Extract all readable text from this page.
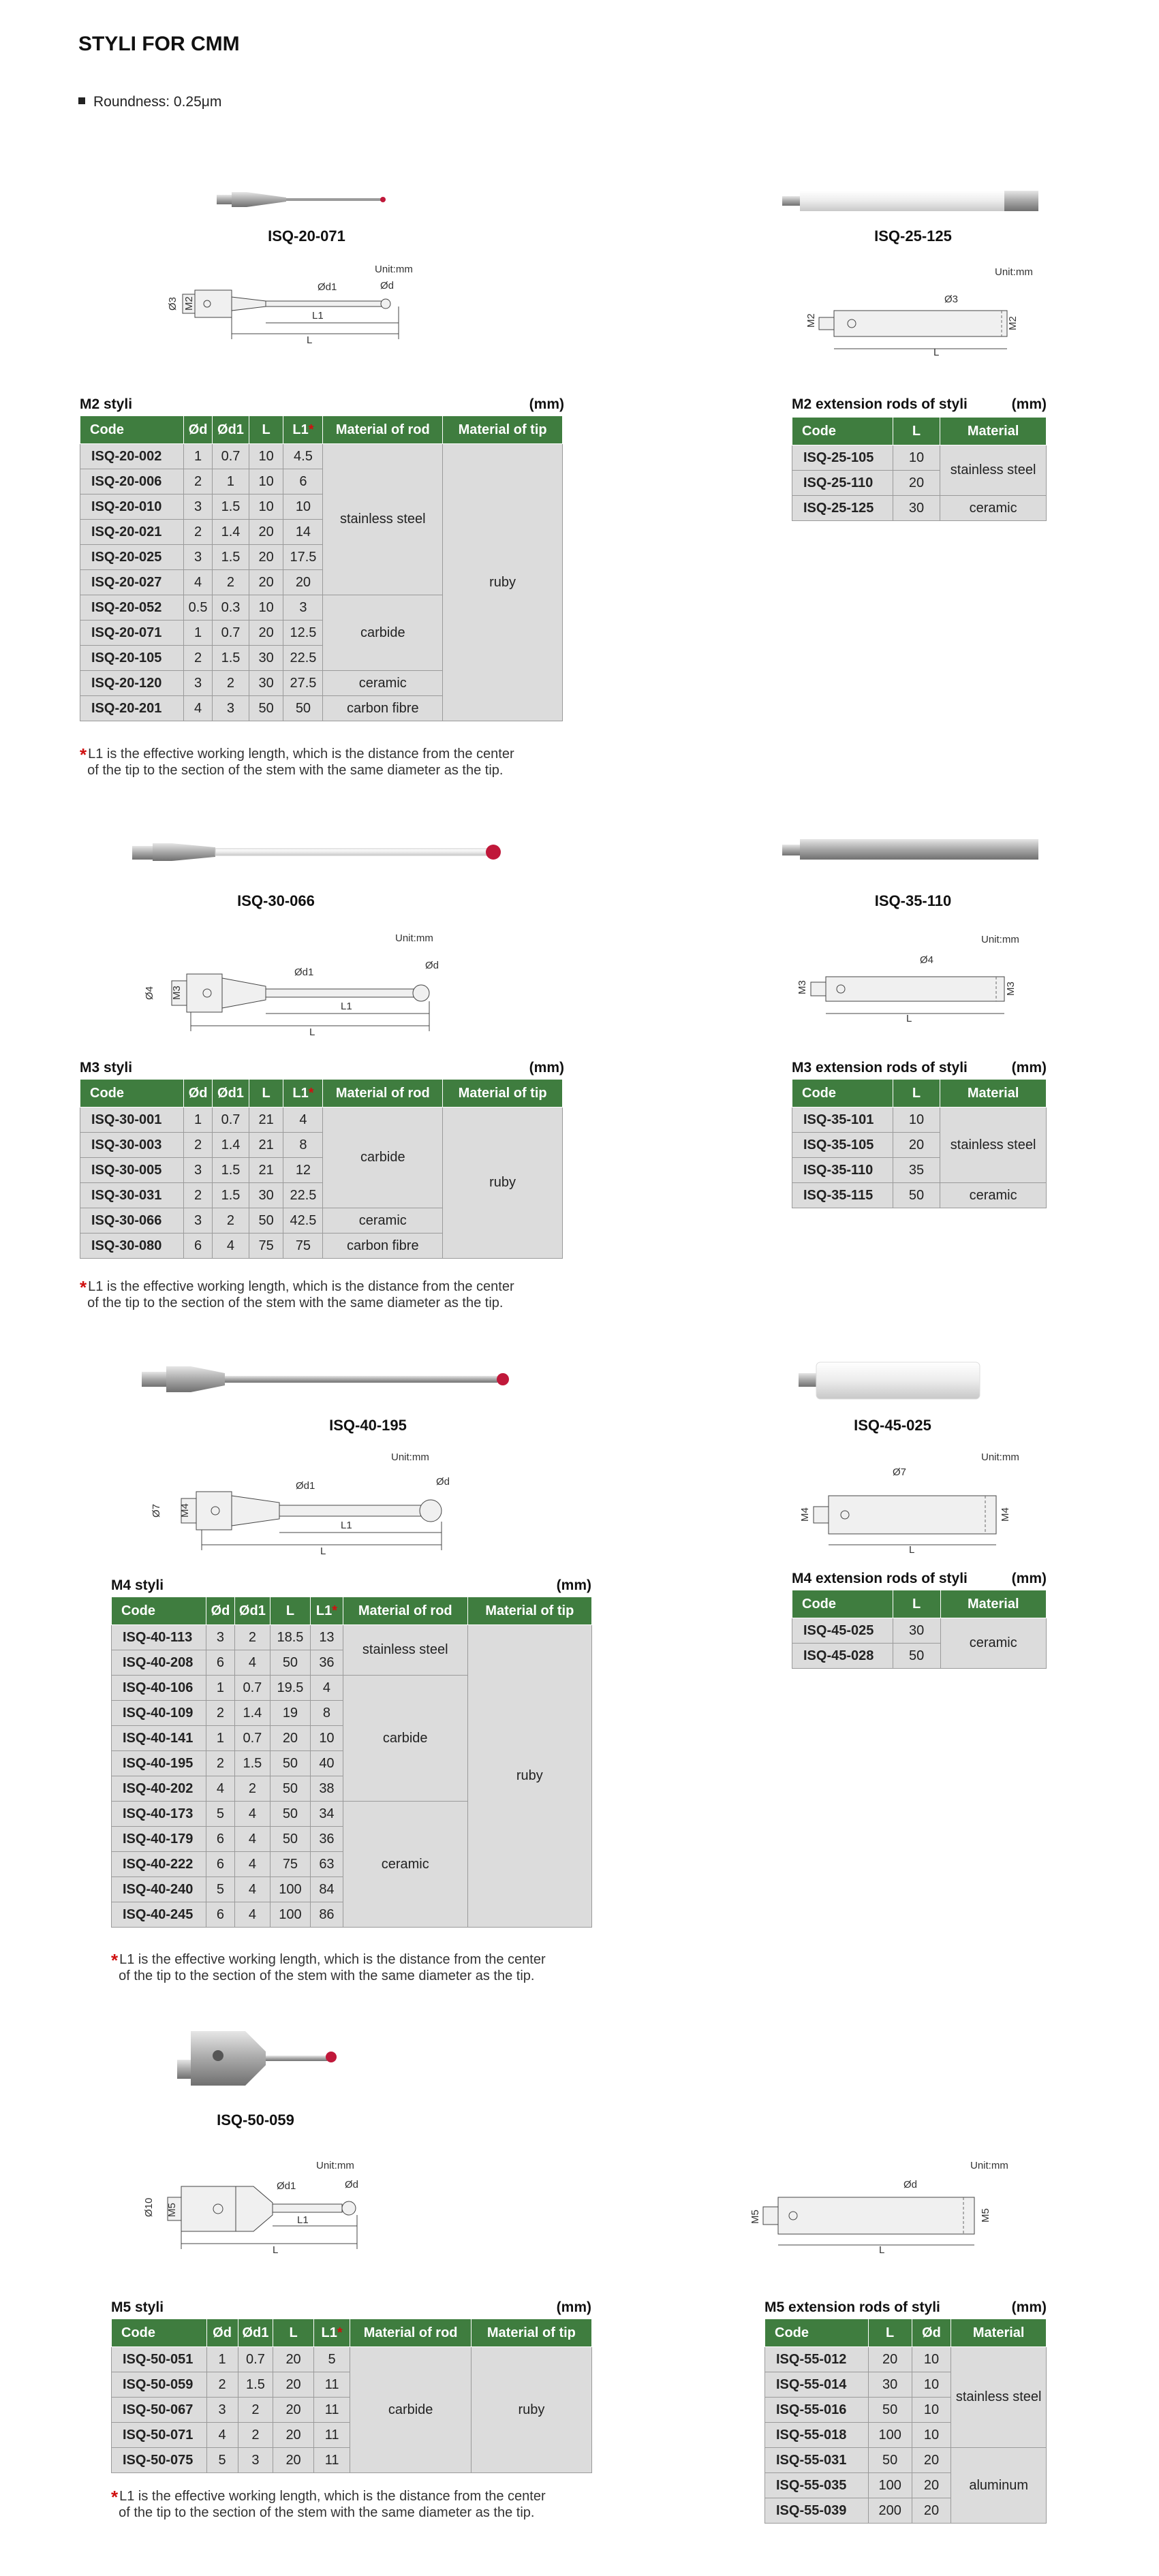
STYLI FOR CMM
Roundness: 0.25μm
ISQ-20-071
Unit:mm
L1
L
Ød1	Ød
Ø3 M2
ISQ-25-125
Unit:mm
L
Ø3
M2	M2
M2 styli	(mm)
Code	Ød	Ød1	L	L1*	Material of rod	Material of tip
ISQ-20-002	1	0.7	10	4.5	stainless steel	ruby
ISQ-20-006	2	1	10	6		
ISQ-20-010	3	1.5	10	10		
ISQ-20-021	2	1.4	20	14		
ISQ-20-025	3	1.5	20	17.5		
ISQ-20-027	4	2	20	20		
ISQ-20-052	0.5	0.3	10	3	carbide	
ISQ-20-071	1	0.7	20	12.5		
ISQ-20-105	2	1.5	30	22.5		
ISQ-20-120	3	2	30	27.5	ceramic	
ISQ-20-201	4	3	50	50	carbon fibre	
* L1 is the effective working length, which is the distance from the center
of the tip to the section of the stem with the same diameter as the tip.
M2 extension rods of styli	(mm)
Code	L	Material
ISQ-25-105	10	stainless steel
ISQ-25-110	20	
ISQ-25-125	30	ceramic
ISQ-30-066
Unit:mm
L1
L
Ød1
Ød
Ø4 M3
ISQ-35-110
Unit:mm
L
Ø4
M3	M3
M3 styli	(mm)
Code	Ød	Ød1	L	L1*	Material of rod	Material of tip
ISQ-30-001	1	0.7	21	4	carbide	ruby
ISQ-30-003	2	1.4	21	8		
ISQ-30-005	3	1.5	21	12		
ISQ-30-031	2	1.5	30	22.5		
ISQ-30-066	3	2	50	42.5	ceramic	
ISQ-30-080	6	4	75	75	carbon fibre	
* L1 is the effective working length, which is the distance from the center
of the tip to the section of the stem with the same diameter as the tip.
M3 extension rods of styli	(mm)
Code	L	Material
ISQ-35-101	10	stainless steel
ISQ-35-105	20	
ISQ-35-110	35	
ISQ-35-115	50	ceramic
ISQ-40-195
Unit:mm
L1
L
Ød1	Ød
Ø7 M4
ISQ-45-025
Unit:mm
L
Ø7
M4	M4
M4 styli	(mm)
Code	Ød	Ød1	L	L1*	Material of rod	Material of tip
ISQ-40-113	3	2	18.5	13	stainless steel	ruby
ISQ-40-208	6	4	50	36		
ISQ-40-106	1	0.7	19.5	4	carbide	
ISQ-40-109	2	1.4	19	8		
ISQ-40-141	1	0.7	20	10		
ISQ-40-195	2	1.5	50	40		
ISQ-40-202	4	2	50	38		
ISQ-40-173	5	4	50	34	ceramic	
ISQ-40-179	6	4	50	36		
ISQ-40-222	6	4	75	63		
ISQ-40-240	5	4	100	84		
ISQ-40-245	6	4	100	86		
* L1 is the effective working length, which is the distance from the center
of the tip to the section of the stem with the same diameter as the tip.
M4 extension rods of styli	(mm)
Code	L	Material
ISQ-45-025	30	ceramic
ISQ-45-028	50	
ISQ-50-059
Unit:mm
L1
L
Ød1	Ød
Ø10 M5
Unit:mm
L
Ød
M5	M5
M5 styli	(mm)
Code	Ød	Ød1	L	L1*	Material of rod	Material of tip
ISQ-50-051	1	0.7	20	5	carbide	ruby
ISQ-50-059	2	1.5	20	11		
ISQ-50-067	3	2	20	11		
ISQ-50-071	4	2	20	11		
ISQ-50-075	5	3	20	11		
* L1 is the effective working length, which is the distance from the center
of the tip to the section of the stem with the same diameter as the tip.
M5 extension rods of styli	(mm)
Code	L	Ød	Material
ISQ-55-012	20	10	stainless steel
ISQ-55-014	30	10	
ISQ-55-016	50	10	
ISQ-55-018	100	10	
ISQ-55-031	50	20	aluminum
ISQ-55-035	100	20	
ISQ-55-039	200	20	
